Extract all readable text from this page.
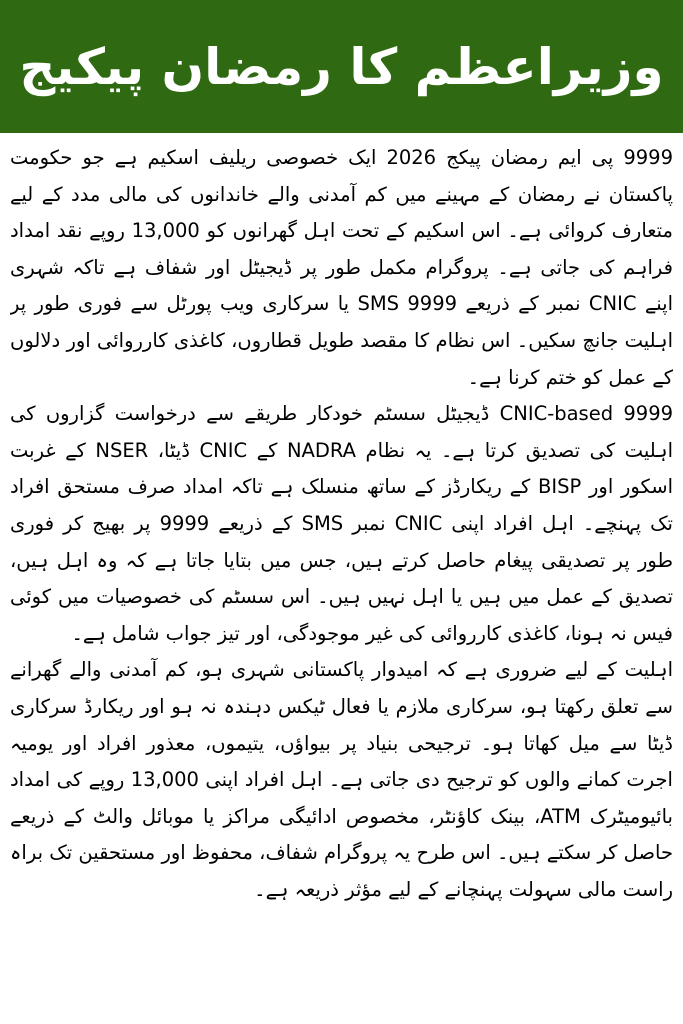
وزیراعظم کا رمضان پیکیج

9999 پی ایم رمضان پیکج 2026 ایک خصوصی ریلیف اسکیم ہے جو حکومت پاکستان نے رمضان کے مہینے میں کم آمدنی والے خاندانوں کی مالی مدد کے لیے متعارف کروائی ہے۔ اس اسکیم کے تحت اہل گھرانوں کو 13,000 روپے نقد امداد فراہم کی جاتی ہے۔ پروگرام مکمل طور پر ڈیجیٹل اور شفاف ہے تاکہ شہری اپنے CNIC نمبر کے ذریعے SMS 9999 یا سرکاری ویب پورٹل سے فوری طور پر اہلیت جانچ سکیں۔ اس نظام کا مقصد طویل قطاروں، کاغذی کارروائی اور دلالوں کے عمل کو ختم کرنا ہے۔

CNIC-based 9999 ڈیجیٹل سسٹم خودکار طریقے سے درخواست گزاروں کی اہلیت کی تصدیق کرتا ہے۔ یہ نظام NADRA کے CNIC ڈیٹا، NSER کے غربت اسکور اور BISP کے ریکارڈز کے ساتھ منسلک ہے تاکہ امداد صرف مستحق افراد تک پہنچے۔ اہل افراد اپنی CNIC نمبر SMS کے ذریعے 9999 پر بھیج کر فوری طور پر تصدیقی پیغام حاصل کرتے ہیں، جس میں بتایا جاتا ہے کہ وہ اہل ہیں، تصدیق کے عمل میں ہیں یا اہل نہیں ہیں۔ اس سسٹم کی خصوصیات میں کوئی فیس نہ ہونا، کاغذی کارروائی کی غیر موجودگی، اور تیز جواب شامل ہے۔

اہلیت کے لیے ضروری ہے کہ امیدوار پاکستانی شہری ہو، کم آمدنی والے گھرانے سے تعلق رکھتا ہو، سرکاری ملازم یا فعال ٹیکس دہندہ نہ ہو اور ریکارڈ سرکاری ڈیٹا سے میل کھاتا ہو۔ ترجیحی بنیاد پر بیواؤں، یتیموں، معذور افراد اور یومیہ اجرت کمانے والوں کو ترجیح دی جاتی ہے۔ اہل افراد اپنی 13,000 روپے کی امداد بائیومیٹرک ATM، بینک کاؤنٹر، مخصوص ادائیگی مراکز یا موبائل والٹ کے ذریعے حاصل کر سکتے ہیں۔ اس طرح یہ پروگرام شفاف، محفوظ اور مستحقین تک براہ راست مالی سہولت پہنچانے کے لیے مؤثر ذریعہ ہے۔
